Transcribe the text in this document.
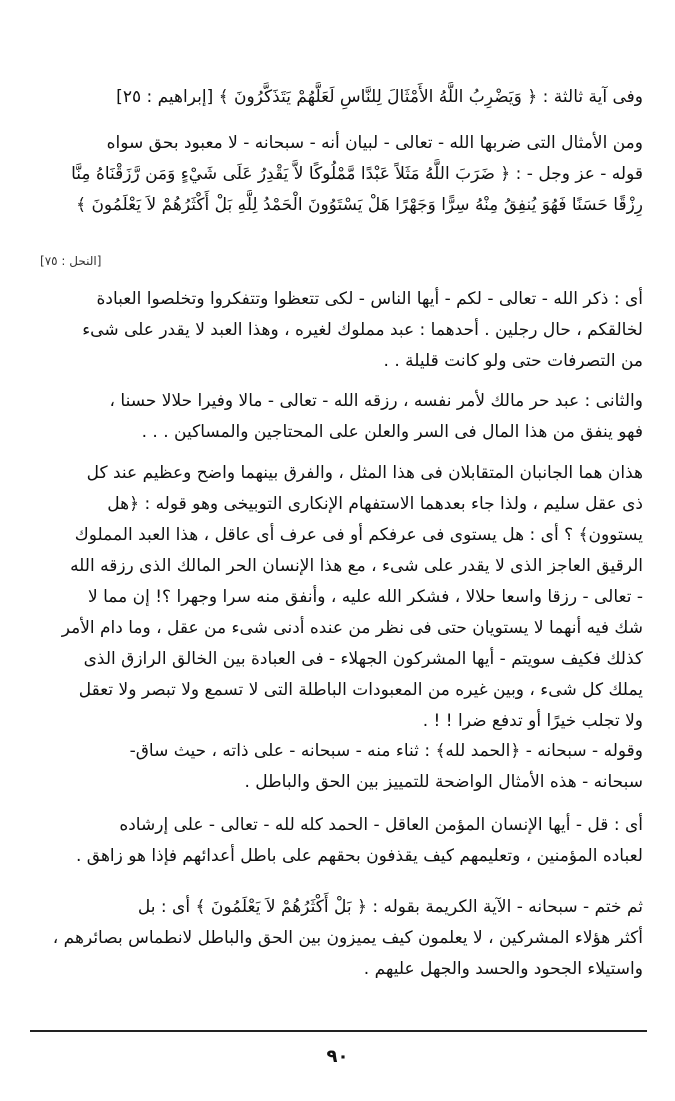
وفى آية ثالثة : ﴿ وَيَضْرِبُ اللَّهُ الأَمْثَالَ لِلنَّاسِ لَعَلَّهُمْ يَتَذَكَّرُونَ ﴾ [إبراهيم : ٢٥]
ومن الأمثال التى ضربها الله - تعالى - لبيان أنه - سبحانه - لا معبود بحق سواه
قوله - عز وجل - : ﴿ ضَرَبَ اللَّهُ مَثَلاً عَبْدًا مَّمْلُوكًا لاَّ يَقْدِرُ عَلَى شَيْءٍ وَمَن رَّزَقْنَاهُ مِنَّا
رِزْقًا حَسَنًا فَهُوَ يُنفِقُ مِنْهُ سِرًّا وَجَهْرًا هَلْ يَسْتَوُونَ الْحَمْدُ لِلَّهِ بَلْ أَكْثَرُهُمْ لاَ يَعْلَمُونَ ﴾
[النحل : ٧٥]
أى : ذكر الله - تعالى - لكم - أيها الناس - لكى تتعظوا وتتفكروا وتخلصوا العبادة
لخالقكم ، حال رجلين . أحدهما : عبد مملوك لغيره ، وهذا العبد لا يقدر على شىء
من التصرفات حتى ولو كانت قليلة . .
والثانى : عبد حر مالك لأمر نفسه ، رزقه الله - تعالى - مالا وفيرا حلالا حسنا ،
فهو ينفق من هذا المال فى السر والعلن على المحتاجين والمساكين . . .
هذان هما الجانبان المتقابلان فى هذا المثل ، والفرق بينهما واضح وعظيم عند كل
ذى عقل سليم ، ولذا جاء بعدهما الاستفهام الإنكارى التوبيخى وهو قوله : ﴿هل
يستوون﴾ ؟ أى : هل يستوى فى عرفكم أو فى عرف أى عاقل ، هذا العبد المملوك
الرقيق العاجز الذى لا يقدر على شىء ، مع هذا الإنسان الحر المالك الذى رزقه الله
- تعالى - رزقا واسعا حلالا ، فشكر الله عليه ، وأنفق منه سرا وجهرا ؟! إن مما لا
شك فيه أنهما لا يستويان حتى فى نظر من عنده أدنى شىء من عقل ، وما دام الأمر
كذلك فكيف سويتم - أيها المشركون الجهلاء - فى العبادة بين الخالق الرازق الذى
يملك كل شىء ، وبين غيره من المعبودات الباطلة التى لا تسمع ولا تبصر ولا تعقل
ولا تجلب خيرًا أو تدفع ضرا ! ! .
وقوله - سبحانه - ﴿الحمد لله﴾ : ثناء منه - سبحانه - على ذاته ، حيث ساق-
سبحانه - هذه الأمثال الواضحة للتمييز بين الحق والباطل .
أى : قل - أيها الإنسان المؤمن العاقل - الحمد كله لله - تعالى - على إرشاده
لعباده المؤمنين ، وتعليمهم كيف يقذفون بحقهم على باطل أعدائهم فإذا هو زاهق .
ثم ختم - سبحانه - الآية الكريمة بقوله : ﴿ بَلْ أَكْثَرُهُمْ لاَ يَعْلَمُونَ ﴾ أى : بل
أكثر هؤلاء المشركين ، لا يعلمون كيف يميزون بين الحق والباطل لانطماس بصائرهم ،
واستيلاء الجحود والحسد والجهل عليهم .
٩٠
